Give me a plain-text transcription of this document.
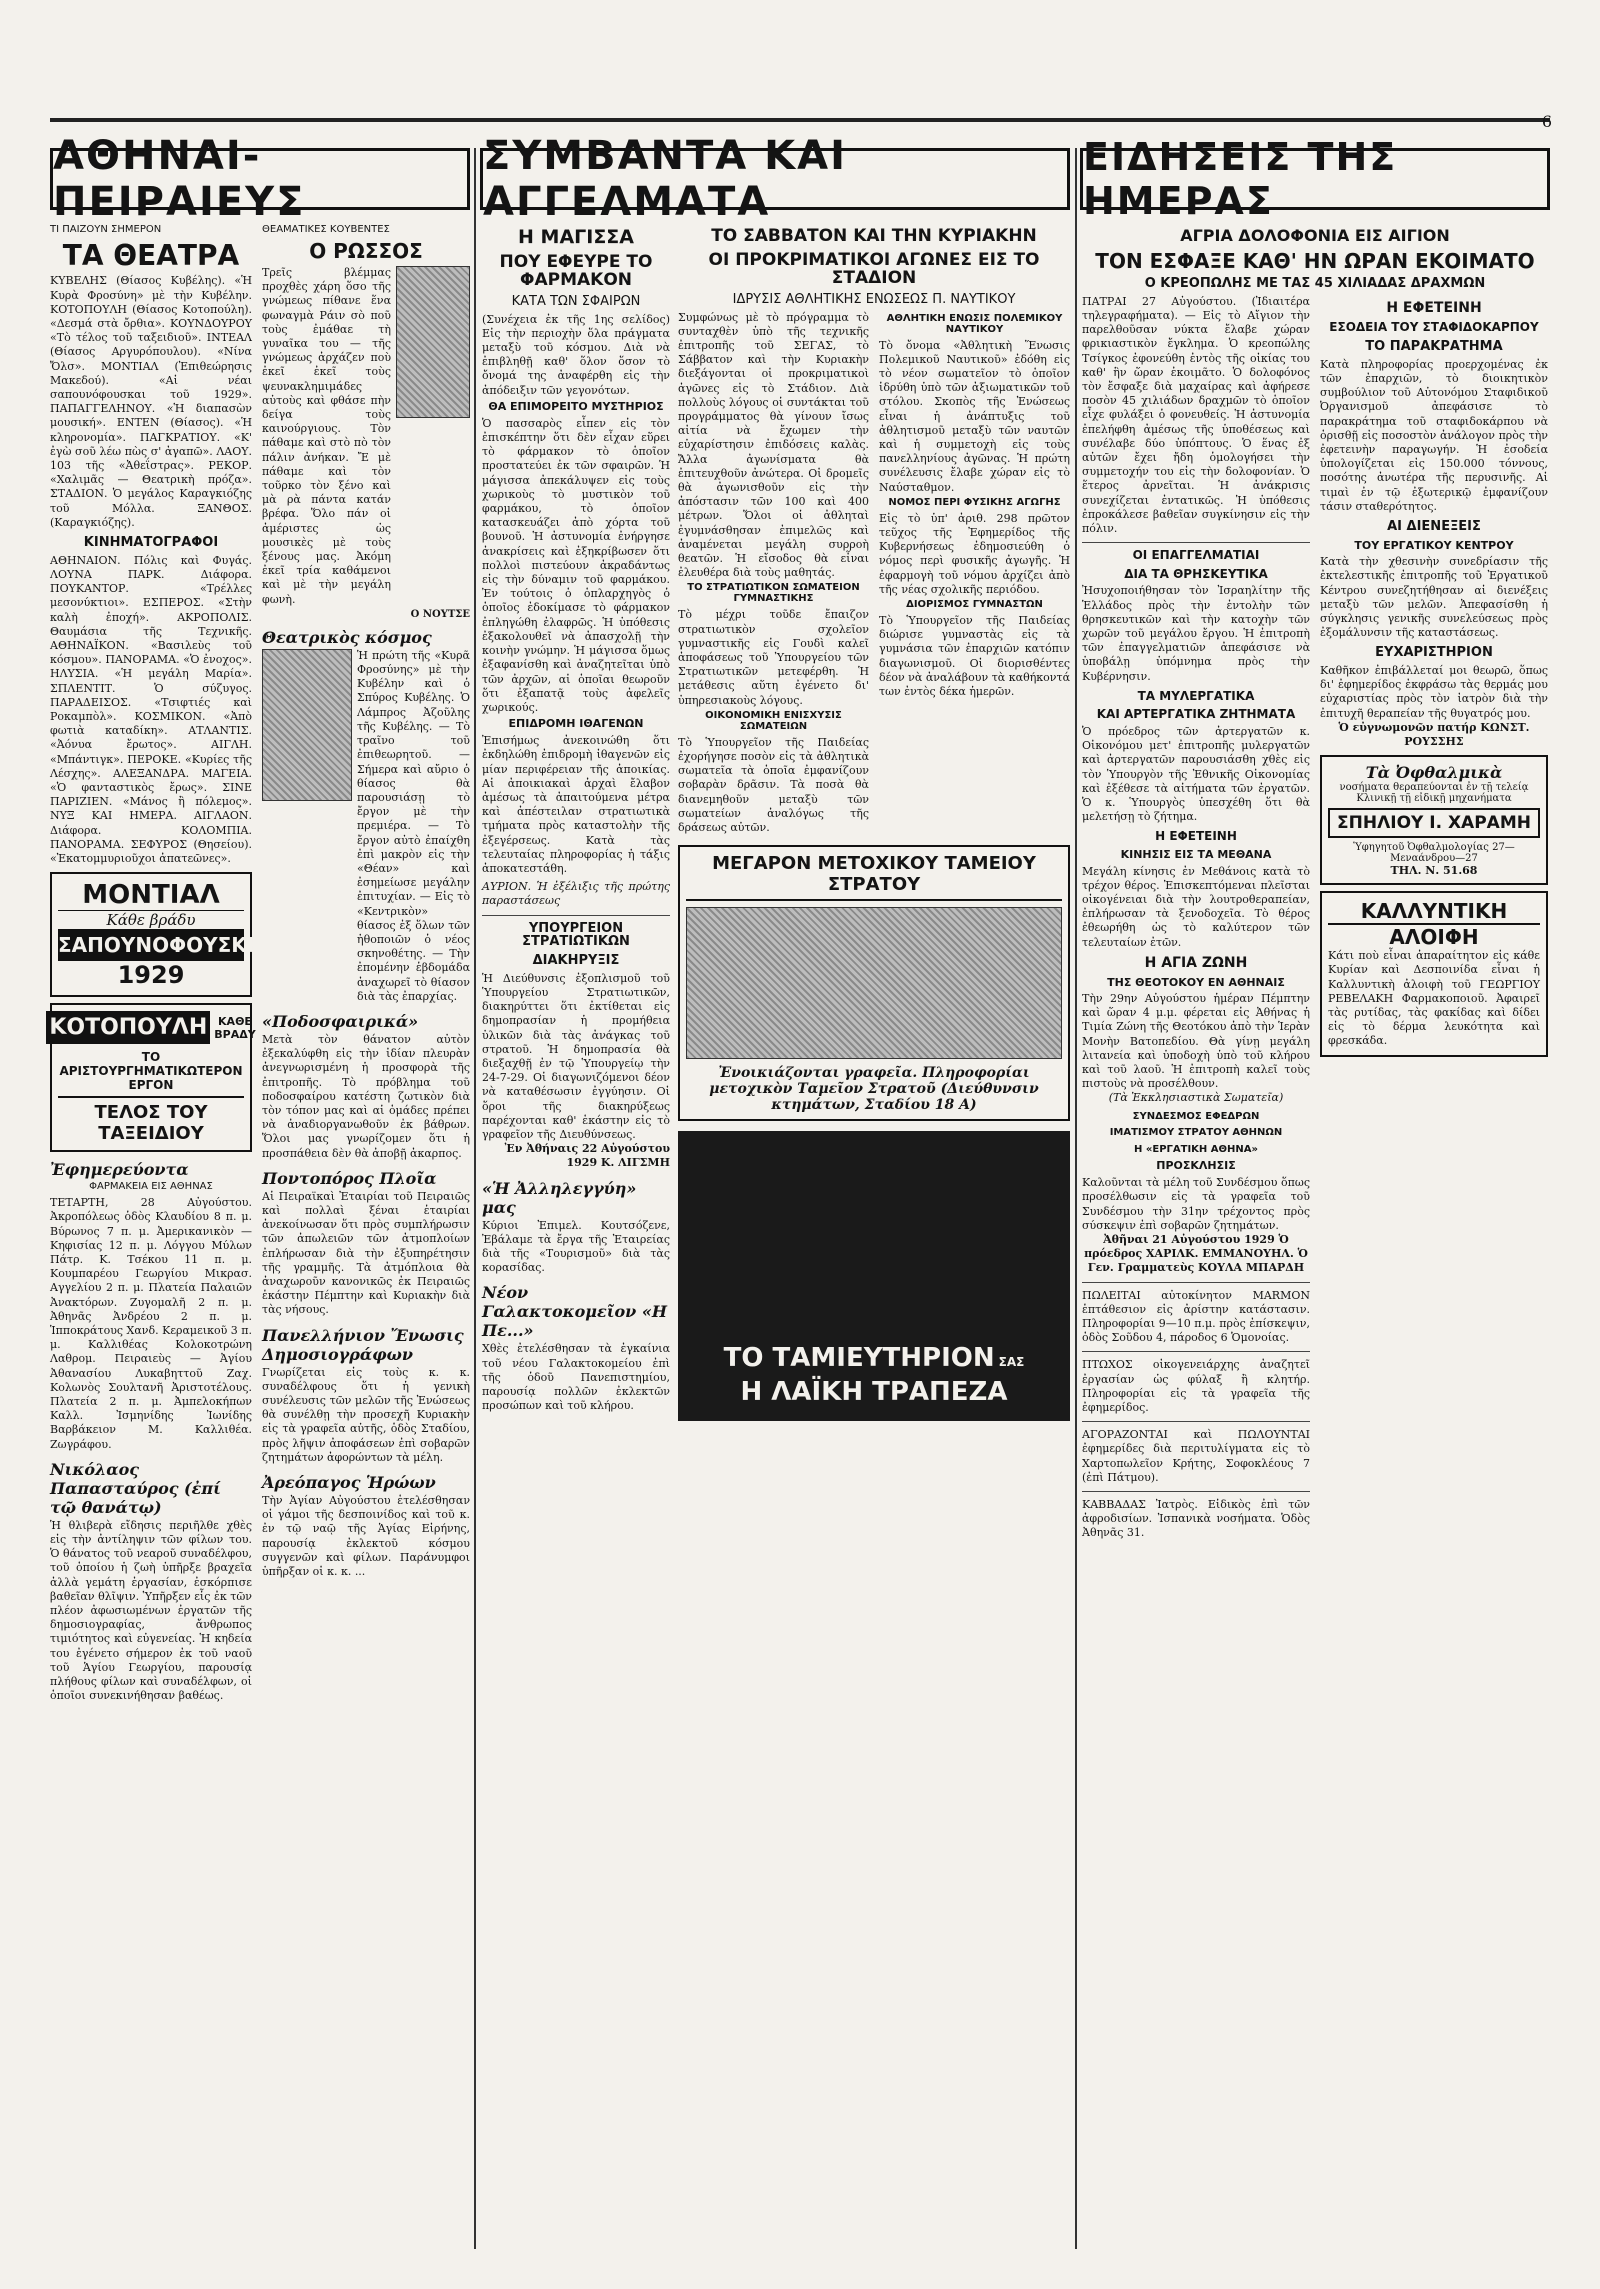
6
ΑΘΗΝΑΙ-ΠΕΙΡΑΙΕΥΣ
ΣΥΜΒΑΝΤΑ ΚΑΙ ΑΓΓΕΛΜΑΤΑ
ΕΙΔΗΣΕΙΣ ΤΗΣ ΗΜΕΡΑΣ
ΤΙ ΠΑΙΖΟΥΝ ΣΗΜΕΡΟΝ
ΤΑ ΘΕΑΤΡΑ

ΚΥΒΕΛΗΣ (Θίασος Κυβέλης). «Ἡ Κυρὰ Φροσύνη» μὲ τὴν Κυβέλην. ΚΟΤΟΠΟΥΛΗ (Θίασος Κοτοπούλη). «Δεσμά στὰ ὄρθια». ΚΟΥΝΔΟΥΡΟΥ «Τὸ τέλος τοῦ ταξειδιοῦ». ΙΝΤΕΑΛ (Θίασος Αργυρόπουλου). «Νίνα Ὄλσ». ΜΟΝΤΙΑΛ (Ἐπιθεώρησις Μακεδού). «Αἱ νέαι σαπουνόφουσκαι τοῦ 1929». ΠΑΠΑΓΓΕΛΗΝΟΥ. «Ἡ διαπασὼν μουσική». ΕΝΤΕΝ (Θίασος). «Ἡ κληρονομία». ΠΑΓΚΡΑΤΙΟΥ. «Κ' ἐγὼ σοῦ λέω πὼς σ' ἀγαπῶ». ΛΑΟΥ. 103 τῆς «Ἀθεΐστρας». ΡΕΚΟΡ. «Χαλιμᾶς — Θεατρικὴ πρόζα». ΣΤΑΔΙΟΝ. Ὁ μεγάλος Καραγκιόζης τοῦ Μόλλα. ΞΑΝΘΟΣ. (Καραγκιόζης).

ΚΙΝΗΜΑΤΟΓΡΑΦΟΙ

ΑΘΗΝΑΙΟΝ. Πόλις καὶ Φυγάς. ΛΟΥΝΑ ΠΑΡΚ. Διάφορα. ΠΟΥΚΑΝΤΟΡ. «Τρέλλες μεσονύκτιοι». ΕΣΠΕΡΟΣ. «Στὴν καλὴ ἐποχή». ΑΚΡΟΠΟΛΙΣ. Θαυμάσια τῆς Τεχνικῆς. ΑΘΗΝΑΪΚΟΝ. «Βασιλεὺς τοῦ κόσμου». ΠΑΝΟΡΑΜΑ. «Ὁ ἐνοχος». ΗΛΥΣΙΑ. «Ἡ μεγάλη Μαρία». ΣΠΛΕΝΤΙΤ. Ὁ σύζυγος. ΠΑΡΑΔΕΙΣΟΣ. «Τσιφτιές καὶ Ροκαμπὸλ». ΚΟΣΜΙΚΟΝ. «Ἀπὸ φωτιὰ καταδίκη». ΑΤΛΑΝΤΙΣ. «Ἀόνυα ἔρωτος». ΑΙΓΛΗ. «Μπάντιγκ». ΠΕΡΟΚΕ. «Κυρίες τῆς Λέσχης». ΑΛΕΞΑΝΔΡΑ. ΜΑΓΕΙΑ. «Ὁ φανταστικὸς ἔρως». ΣΙΝΕ ΠΑΡΙΖΙΕΝ. «Μάνος ἢ πόλεμος». ΝΥΞ ΚΑΙ ΗΜΕΡΑ. ΑΙΓΛΑΟΝ. Διάφορα. ΚΟΛΟΜΠΙΑ. ΠΑΝΟΡΑΜΑ. ΣΕΦΥΡΟΣ (Θησείου). «Ἐκατομμυριοῦχοι ἀπατεῶνες».

ΜΟΝΤΙΑΛ
Κάθε βράδυ
ΣΑΠΟΥΝΟΦΟΥΣΚΕΣ
1929
ΚΟΤΟΠΟΥΛΗ ΚΑΘΕ ΒΡΑΔΥ
ΤΟ ΑΡΙΣΤΟΥΡΓΗΜΑΤΙΚΩΤΕΡΟΝ ΕΡΓΟΝ
ΤΕΛΟΣ ΤΟΥ ΤΑΞΕΙΔΙΟΥ
Ἐφημερεύοντα
ΦΑΡΜΑΚΕΙΑ ΕΙΣ ΑΘΗΝΑΣ

ΤΕΤΑΡΤΗ, 28 Αὐγούστου. Ἀκροπόλεως ὁδὸς Κλαυδίου 8 π. μ. Βύρωνος 7 π. μ. Ἀμερικανικὸν — Κηφισίας 12 π. μ. Λόγγου Μύλων Πάτρ. Κ. Τσέκου 11 π. μ. Κουμπαρέου Γεωργίου Μικρασ. Αγγελίου 2 π. μ. Πλατεία Παλαιῶν Ἀνακτόρων. Ζυγομαλῆ 2 π. μ. Ἀθηνᾶς Ἀνδρέου 2 π. μ. Ἱπποκράτους Χανδ. Κεραμεικοῦ 3 π. μ. Καλλιθέας Κολοκοτρώνη Λαθρομ. Πειραιεὺς — Ἀγίου Ἀθανασίου Λυκαβηττοῦ Ζαχ. Κολωνὸς Σουλτανῆ Ἀριστοτέλους. Πλατεία 2 π. μ. Ἀμπελοκήπων Καλλ. Ἰσμηνίδης Ἰωνίδης Βαρβάκειον Μ. Καλλιθέα. Ζωγράφου.

Νικόλαος Παπασταύρος (ἐπί τῷ θανάτῳ)

Ἡ θλιβερὰ εἴδησις περιῆλθε χθὲς εἰς τὴν ἀντίληψιν τῶν φίλων του. Ὁ θάνατος τοῦ νεαροῦ συναδέλφου, τοῦ ὁποίου ἡ ζωὴ ὑπῆρξε βραχεῖα ἀλλὰ γεμάτη ἐργασίαν, ἐσκόρπισε βαθεῖαν θλῖψιν. Ὑπῆρξεν εἷς ἐκ τῶν πλέον ἀφωσιωμένων ἐργατῶν τῆς δημοσιογραφίας, ἄνθρωπος τιμιότητος καὶ εὐγενείας. Ἡ κηδεία του ἐγένετο σήμερον ἐκ τοῦ ναοῦ τοῦ Ἁγίου Γεωργίου, παρουσίᾳ πλήθους φίλων καὶ συναδέλφων, οἱ ὁποῖοι συνεκινήθησαν βαθέως.

ΘΕΑΜΑΤΙΚΕΣ ΚΟΥΒΕΝΤΕΣ
Ο ΡΩΣΣΟΣ

Τρεῖς βλέμμας προχθὲς χάρη ὅσο τῆς γνώμεως πίθανε ἕνα φωναγμὰ Ράιν σὸ ποῦ τοὺς ἐμάθαε τὴ γυναῖκα του — τῆς γνώμεως ἀρχάζεν ποὺ ἐκεῖ ἐκεῖ τοὺς ψευνακλημιμάδες αὐτοὺς καὶ φθάσε πὴν δείγα τοὺς καινούργιους. Τὸν πάθαμε καὶ στὸ πὸ τὸν πάλιν ἀνήκαν. Ἔ μὲ πάθαμε καὶ τὸν τοῦρκο τὸν ξένο καὶ μὰ ρὰ πάντα κατάν βρέφα. Ὅλο πάν οἱ ἀμέριστες ὡς μουσικὲς μὲ τοὺς ξένους μας. Ἀκόμη ἐκεῖ τρία καθάμενοι καὶ μὲ τὴν μεγάλη φωνὴ.

Ο ΝΟΥΤΣΕ
Θεατρικὸς κόσμος

Ἡ πρώτη τῆς «Κυρᾶ Φροσύνης» μὲ τὴν Κυβέλην καὶ ὁ Σπύρος Κυβέλης. Ὁ Λάμπρος Ἀζοῦλης τῆς Κυβέλης. — Τὸ τραῖνο τοῦ ἐπιθεωρητοῦ. — Σήμερα καὶ αὔριο ὁ θίασος θὰ παρουσιάσῃ τὸ ἔργον μὲ τὴν πρεμιέρα. — Τὸ ἔργον αὐτὸ ἐπαίχθη ἐπὶ μακρὸν εἰς τὴν «Θέαν» καὶ ἐσημείωσε μεγάλην ἐπιτυχίαν. — Εἰς τὸ «Κεντρικὸν» θίασος ἐξ ὅλων τῶν ἡθοποιῶν ὁ νέος σκηνοθέτης. — Τὴν ἐπομένην ἑβδομάδα ἀναχωρεῖ τὸ θίασον διὰ τὰς ἐπαρχίας.

«Ποδοσφαιρικά»

Μετὰ τὸν θάνατον αὐτὸν ἐξεκαλύφθη εἰς τὴν ἰδίαν πλευρὰν ἀνεγνωρισμένη ἡ προσφορὰ τῆς ἐπιτροπῆς. Τὸ πρόβλημα τοῦ ποδοσφαίρου κατέστη ζωτικὸν διὰ τὸν τόπον μας καὶ αἱ ὁμάδες πρέπει νὰ ἀναδιοργανωθοῦν ἐκ βάθρων. Ὅλοι μας γνωρίζομεν ὅτι ἡ προσπάθεια δὲν θὰ ἀποβῇ ἀκαρπος.

Ποντοπόρος Πλοῖα

Αἱ Πειραϊκαὶ Ἐταιρίαι τοῦ Πειραιῶς καὶ πολλαὶ ξέναι ἑταιρίαι ἀνεκοίνωσαν ὅτι πρὸς συμπλήρωσιν τῶν ἀπωλειῶν τῶν ἀτμοπλοίων ἐπλήρωσαν διὰ τὴν ἐξυπηρέτησιν τῆς γραμμῆς. Τὰ ἀτμόπλοια θὰ ἀναχωροῦν κανονικῶς ἐκ Πειραιῶς ἑκάστην Πέμπτην καὶ Κυριακὴν διὰ τὰς νήσους.

Πανελλήνιον Ἔνωσις Δημοσιογράφων

Γνωρίζεται εἰς τοὺς κ. κ. συναδέλφους ὅτι ἡ γενικὴ συνέλευσις τῶν μελῶν τῆς Ἑνώσεως θὰ συνέλθῃ τὴν προσεχῆ Κυριακὴν εἰς τὰ γραφεῖα αὐτῆς, ὁδὸς Σταδίου, πρὸς λῆψιν ἀποφάσεων ἐπὶ σοβαρῶν ζητημάτων ἀφορώντων τὰ μέλη.

Ἀρεόπαγος Ἡρώων

Τὴν Ἀγίαν Αὐγούστου ἑτελέσθησαν οἱ γάμοι τῆς δεσποινίδος καὶ τοῦ κ. ἐν τῷ ναῷ τῆς Ἁγίας Εἰρήνης, παρουσίᾳ ἐκλεκτοῦ κόσμου συγγενῶν καὶ φίλων. Παράνυμφοι ὑπῆρξαν οἱ κ. κ. ...

Η ΜΑΓΙΣΣΑ
ΠΟΥ ΕΦΕΥΡΕ ΤΟ ΦΑΡΜΑΚΟΝ
ΚΑΤΑ ΤΩΝ ΣΦΑΙΡΩΝ

(Συνέχεια ἐκ τῆς 1ης σελίδος) Εἰς τὴν περιοχὴν ὅλα πράγματα μεταξὺ τοῦ κόσμου. Διὰ νὰ ἐπιβληθῇ καθ' ὅλον ὅσον τὸ ὄνομά της ἀναφέρθη εἰς τὴν ἀπόδειξιν τῶν γεγονότων.

ΘΑ ΕΠΙΜΟΡΕΙΤΟ ΜΥΣΤΗΡΙΟΣ

Ὁ πασσαρὸς εἶπεν εἰς τὸν ἐπισκέπτην ὅτι δὲν εἶχαν εὕρει τὸ φάρμακον τὸ ὁποῖον προστατεύει ἐκ τῶν σφαιρῶν. Ἡ μάγισσα ἀπεκάλυψεν εἰς τοὺς χωρικοὺς τὸ μυστικὸν τοῦ φαρμάκου, τὸ ὁποῖον κατασκευάζει ἀπὸ χόρτα τοῦ βουνοῦ. Ἡ ἀστυνομία ἐνήργησε ἀνακρίσεις καὶ ἐξηκρίβωσεν ὅτι πολλοὶ πιστεύουν ἀκραδάντως εἰς τὴν δύναμιν τοῦ φαρμάκου. Ἐν τούτοις ὁ ὁπλαρχηγὸς ὁ ὁποῖος ἐδοκίμασε τὸ φάρμακον ἐπληγώθη ἐλαφρῶς. Ἡ ὑπόθεσις ἐξακολουθεῖ νὰ ἀπασχολῇ τὴν κοινὴν γνώμην. Ἡ μάγισσα ὅμως ἐξαφανίσθη καὶ ἀναζητεῖται ὑπὸ τῶν ἀρχῶν, αἱ ὁποῖαι θεωροῦν ὅτι ἐξαπατᾷ τοὺς ἀφελεῖς χωρικούς.

ΕΠΙΔΡΟΜΗ ΙΘΑΓΕΝΩΝ

Ἐπισήμως ἀνεκοινώθη ὅτι ἐκδηλώθη ἐπιδρομὴ ἰθαγενῶν εἰς μίαν περιφέρειαν τῆς ἀποικίας. Αἱ ἀποικιακαὶ ἀρχαὶ ἔλαβον ἀμέσως τὰ ἀπαιτούμενα μέτρα καὶ ἀπέστειλαν στρατιωτικὰ τμήματα πρὸς καταστολὴν τῆς ἐξεγέρσεως. Κατὰ τὰς τελευταίας πληροφορίας ἡ τάξις ἀποκατεστάθη.

ΑΥΡΙΟΝ. Ἡ ἐξέλιξις τῆς πρώτης παραστάσεως

ΥΠΟΥΡΓΕΙΟΝ ΣΤΡΑΤΙΩΤΙΚΩΝ
ΔΙΑΚΗΡΥΞΙΣ

Ἡ Διεύθυνσις ἐξοπλισμοῦ τοῦ Ὑπουργείου Στρατιωτικῶν, διακηρύττει ὅτι ἐκτίθεται εἰς δημοπρασίαν ἡ προμήθεια ὑλικῶν διὰ τὰς ἀνάγκας τοῦ στρατοῦ. Ἡ δημοπρασία θὰ διεξαχθῇ ἐν τῷ Ὑπουργείῳ τὴν 24-7-29. Οἱ διαγωνιζόμενοι δέον νὰ καταθέσωσιν ἐγγύησιν. Οἱ ὅροι τῆς διακηρύξεως παρέχονται καθ' ἑκάστην εἰς τὸ γραφεῖον τῆς Διευθύνσεως.

Ἐν Ἀθήναις 22 Αὐγούστου 1929 Κ. ΛΙΓΣΜΗ

«Ἡ Ἀλληλεγγύη» μας

Κύριοι Ἐπιμελ. Κουτσόζενε, Ἐβάλαμε τὰ ἔργα τῆς Ἐταιρείας διὰ τῆς «Τουρισμοῦ» διὰ τὰς κορασίδας.

Νέον Γαλακτοκομεῖον «Η Πε...»

Χθὲς ἐτελέσθησαν τὰ ἐγκαίνια τοῦ νέου Γαλακτοκομείου ἐπὶ τῆς ὁδοῦ Πανεπιστημίου, παρουσίᾳ πολλῶν ἐκλεκτῶν προσώπων καὶ τοῦ κλήρου.

ΤΟ ΣΑΒΒΑΤΟΝ ΚΑΙ ΤΗΝ ΚΥΡΙΑΚΗΝ
ΟΙ ΠΡΟΚΡΙΜΑΤΙΚΟΙ ΑΓΩΝΕΣ ΕΙΣ ΤΟ ΣΤΑΔΙΟΝ
ΙΔΡΥΣΙΣ ΑΘΛΗΤΙΚΗΣ ΕΝΩΣΕΩΣ Π. ΝΑΥΤΙΚΟΥ

Συμφώνως μὲ τὸ πρόγραμμα τὸ συνταχθὲν ὑπὸ τῆς τεχνικῆς ἐπιτροπῆς τοῦ ΣΕΓΑΣ, τὸ Σάββατον καὶ τὴν Κυριακὴν διεξάγονται οἱ προκριματικοὶ ἀγῶνες εἰς τὸ Στάδιον. Διὰ πολλοὺς λόγους οἱ συντάκται τοῦ προγράμματος θὰ γίνουν ἴσως αἰτία νὰ ἔχωμεν τὴν εὐχαρίστησιν ἐπιδόσεις καλὰς. Ἄλλα ἀγωνίσματα θὰ ἐπιτευχθοῦν ἀνώτερα. Οἱ δρομεῖς θὰ ἀγωνισθοῦν εἰς τὴν ἀπόστασιν τῶν 100 καὶ 400 μέτρων. Ὅλοι οἱ ἀθληταὶ ἐγυμνάσθησαν ἐπιμελῶς καὶ ἀναμένεται μεγάλη συρροὴ θεατῶν. Ἡ εἴσοδος θὰ εἶναι ἐλευθέρα διὰ τοὺς μαθητάς.

ΤΟ ΣΤΡΑΤΙΩΤΙΚΟΝ ΣΩΜΑΤΕΙΟΝ ΓΥΜΝΑΣΤΙΚΗΣ

Τὸ μέχρι τοῦδε ἔπαιζον στρατιωτικὸν σχολεῖον γυμναστικῆς εἰς Γουδὶ καλεῖ ἀποφάσεως τοῦ Ὑπουργείου τῶν Στρατιωτικῶν μετεφέρθη. Ἡ μετάθεσις αὕτη ἐγένετο δι' ὑπηρεσιακοὺς λόγους.

ΟΙΚΟΝΟΜΙΚΗ ΕΝΙΣΧΥΣΙΣ ΣΩΜΑΤΕΙΩΝ

Τὸ Ὑπουργεῖον τῆς Παιδείας ἐχορήγησε ποσὸν εἰς τὰ ἀθλητικὰ σωματεῖα τὰ ὁποῖα ἐμφανίζουν σοβαρὰν δρᾶσιν. Τὰ ποσὰ θὰ διανεμηθοῦν μεταξὺ τῶν σωματείων ἀναλόγως τῆς δράσεως αὐτῶν.

ΑΘΛΗΤΙΚΗ ΕΝΩΣΙΣ ΠΟΛΕΜΙΚΟΥ ΝΑΥΤΙΚΟΥ

Τὸ ὄνομα «Ἀθλητικὴ Ἕνωσις Πολεμικοῦ Ναυτικοῦ» ἐδόθη εἰς τὸ νέον σωματεῖον τὸ ὁποῖον ἱδρύθη ὑπὸ τῶν ἀξιωματικῶν τοῦ στόλου. Σκοπὸς τῆς Ἑνώσεως εἶναι ἡ ἀνάπτυξις τοῦ ἀθλητισμοῦ μεταξὺ τῶν ναυτῶν καὶ ἡ συμμετοχὴ εἰς τοὺς πανελληνίους ἀγῶνας. Ἡ πρώτη συνέλευσις ἔλαβε χώραν εἰς τὸ Ναύσταθμον.

ΝΟΜΟΣ ΠΕΡΙ ΦΥΣΙΚΗΣ ΑΓΩΓΗΣ

Εἰς τὸ ὑπ' ἀριθ. 298 πρῶτον τεῦχος τῆς Ἐφημερίδος τῆς Κυβερνήσεως ἐδημοσιεύθη ὁ νόμος περὶ φυσικῆς ἀγωγῆς. Ἡ ἐφαρμογὴ τοῦ νόμου ἀρχίζει ἀπὸ τῆς νέας σχολικῆς περιόδου.

ΔΙΟΡΙΣΜΟΣ ΓΥΜΝΑΣΤΩΝ

Τὸ Ὑπουργεῖον τῆς Παιδείας διώρισε γυμναστὰς εἰς τὰ γυμνάσια τῶν ἐπαρχιῶν κατόπιν διαγωνισμοῦ. Οἱ διορισθέντες δέον νὰ ἀναλάβουν τὰ καθήκοντά των ἐντὸς δέκα ἡμερῶν.

ΜΕΓΑΡΟΝ ΜΕΤΟΧΙΚΟΥ ΤΑΜΕΙΟΥ ΣΤΡΑΤΟΥ
Ἐνοικιάζονται γραφεῖα. Πληροφορίαι μετοχικὸν Ταμεῖον Στρατοῦ (Διεύθυνσιν κτημάτων, Σταδίου 18 Α)
ΤΟ ΤΑΜΙΕΥΤΗΡΙΟΝ ΣΑΣ
Η ΛΑΪΚΗ ΤΡΑΠΕΖΑ
ΑΓΡΙΑ ΔΟΛΟΦΟΝΙΑ ΕΙΣ ΑΙΓΙΟΝ
ΤΟΝ ΕΣΦΑΞΕ ΚΑΘ' ΗΝ ΩΡΑΝ ΕΚΟΙΜΑΤΟ
Ο ΚΡΕΟΠΩΛΗΣ ΜΕ ΤΑΣ 45 ΧΙΛΙΑΔΑΣ ΔΡΑΧΜΩΝ

ΠΑΤΡΑΙ 27 Αὐγούστου. (Ἰδιαιτέρα τηλεγραφήματα). — Εἰς τὸ Αἴγιον τὴν παρελθοῦσαν νύκτα ἔλαβε χώραν φρικιαστικὸν ἔγκλημα. Ὁ κρεοπώλης Τσίγκος ἐφονεύθη ἐντὸς τῆς οἰκίας του καθ' ἣν ὥραν ἐκοιμᾶτο. Ὁ δολοφόνος τὸν ἔσφαξε διὰ μαχαίρας καὶ ἀφήρεσε ποσὸν 45 χιλιάδων δραχμῶν τὸ ὁποῖον εἶχε φυλάξει ὁ φονευθείς. Ἡ ἀστυνομία ἐπελήφθη ἀμέσως τῆς ὑποθέσεως καὶ συνέλαβε δύο ὑπόπτους. Ὁ ἕνας ἐξ αὐτῶν ἔχει ἤδη ὁμολογήσει τὴν συμμετοχήν του εἰς τὴν δολοφονίαν. Ὁ ἕτερος ἀρνεῖται. Ἡ ἀνάκρισις συνεχίζεται ἐντατικῶς. Ἡ ὑπόθεσις ἐπροκάλεσε βαθεῖαν συγκίνησιν εἰς τὴν πόλιν.

ΟΙ ΕΠΑΓΓΕΛΜΑΤΙΑΙ
ΔΙΑ ΤΑ ΘΡΗΣΚΕΥΤΙΚΑ

Ἠσυχοποιήθησαν τὸν Ἰσραηλίτην τῆς Ἑλλάδος πρὸς τὴν ἐντολὴν τῶν θρησκευτικῶν καὶ τὴν κατοχὴν τῶν χωρῶν τοῦ μεγάλου ἔργου. Ἡ ἐπιτροπὴ τῶν ἐπαγγελματιῶν ἀπεφάσισε νὰ ὑποβάλῃ ὑπόμνημα πρὸς τὴν Κυβέρνησιν.

ΤΑ ΜΥΛΕΡΓΑΤΙΚΑ
ΚΑΙ ΑΡΤΕΡΓΑΤΙΚΑ ΖΗΤΗΜΑΤΑ

Ὁ πρόεδρος τῶν ἀρτεργατῶν κ. Οἰκονόμου μετ' ἐπιτροπῆς μυλεργατῶν καὶ ἀρτεργατῶν παρουσιάσθη χθὲς εἰς τὸν Ὑπουργὸν τῆς Ἐθνικῆς Οἰκονομίας καὶ ἐξέθεσε τὰ αἰτήματα τῶν ἐργατῶν. Ὁ κ. Ὑπουργὸς ὑπεσχέθη ὅτι θὰ μελετήσῃ τὸ ζήτημα.

Η ΕΦΕΤΕΙΝΗ
ΚΙΝΗΣΙΣ ΕΙΣ ΤΑ ΜΕΘΑΝΑ

Μεγάλη κίνησις ἐν Μεθάνοις κατὰ τὸ τρέχον θέρος. Ἐπισκεπτόμεναι πλεῖσται οἰκογένειαι διὰ τὴν λουτροθεραπείαν, ἐπλήρωσαν τὰ ξενοδοχεῖα. Τὸ θέρος ἐθεωρήθη ὡς τὸ καλύτερον τῶν τελευταίων ἐτῶν.

Η ΑΓΙΑ ΖΩΝΗ
ΤΗΣ ΘΕΟΤΟΚΟΥ ΕΝ ΑΘΗΝΑΙΣ

Τὴν 29ην Αὐγούστου ἡμέραν Πέμπτην καὶ ὥραν 4 μ.μ. φέρεται εἰς Ἀθήνας ἡ Τιμία Ζώνη τῆς Θεοτόκου ἀπὸ τὴν Ἱερὰν Μονὴν Βατοπεδίου. Θὰ γίνῃ μεγάλη λιτανεία καὶ ὑποδοχὴ ὑπὸ τοῦ κλήρου καὶ τοῦ λαοῦ. Ἡ ἐπιτροπὴ καλεῖ τοὺς πιστοὺς νὰ προσέλθουν.

(Τὰ Ἐκκλησιαστικὰ Σωματεῖα)

ΣΥΝΔΕΣΜΟΣ ΕΦΕΔΡΩΝ
ΙΜΑΤΙΣΜΟΥ ΣΤΡΑΤΟΥ ΑΘΗΝΩΝ
Η «ΕΡΓΑΤΙΚΗ ΑΘΗΝΑ»
ΠΡΟΣΚΛΗΣΙΣ

Καλοῦνται τὰ μέλη τοῦ Συνδέσμου ὅπως προσέλθωσιν εἰς τὰ γραφεῖα τοῦ Συνδέσμου τὴν 31ην τρέχοντος πρὸς σύσκεψιν ἐπὶ σοβαρῶν ζητημάτων.

Ἀθῆναι 21 Αὐγούστου 1929 Ὁ πρόεδρος ΧΑΡΙΛΚ. ΕΜΜΑΝΟΥΗΛ. Ὁ Γεν. Γραμματεὺς ΚΟΥΛΑ ΜΠΑΡΔΗ

ΠΩΛΕΙΤΑΙ αὐτοκίνητον MARMON ἑπτάθεσιον εἰς ἀρίστην κατάστασιν. Πληροφορίαι 9—10 π.μ. πρὸς ἐπίσκεψιν, ὁδὸς Σοῦδου 4, πάροδος 6 Ὁμονοίας.

ΠΤΩΧΟΣ οἰκογενειάρχης ἀναζητεῖ ἐργασίαν ὡς φύλαξ ἢ κλητήρ. Πληροφορίαι εἰς τὰ γραφεῖα τῆς ἐφημερίδος.

ΑΓΟΡΑΖΟΝΤΑΙ καὶ ΠΩΛΟΥΝΤΑΙ ἐφημερίδες διὰ περιτυλίγματα εἰς τὸ Χαρτοπωλεῖον Κρήτης, Σοφοκλέους 7 (ἐπὶ Πάτμου).

ΚΑΒΒΑΔΑΣ Ἰατρὸς. Εἰδικὸς ἐπὶ τῶν ἀφροδισίων. Ἰσπανικὰ νοσήματα. Ὁδὸς Ἀθηνᾶς 31.

Η ΕΦΕΤΕΙΝΗ
ΕΣΟΔΕΙΑ ΤΟΥ ΣΤΑΦΙΔΟΚΑΡΠΟΥ
ΤΟ ΠΑΡΑΚΡΑΤΗΜΑ

Κατὰ πληροφορίας προερχομένας ἐκ τῶν ἐπαρχιῶν, τὸ διοικητικὸν συμβούλιον τοῦ Αὐτονόμου Σταφιδικοῦ Ὀργανισμοῦ ἀπεφάσισε τὸ παρακράτημα τοῦ σταφιδοκάρπου νὰ ὁρισθῇ εἰς ποσοστὸν ἀνάλογον πρὸς τὴν ἐφετεινὴν παραγωγήν. Ἡ ἐσοδεία ὑπολογίζεται εἰς 150.000 τόννους, ποσότης ἀνωτέρα τῆς περυσινῆς. Αἱ τιμαὶ ἐν τῷ ἐξωτερικῷ ἐμφανίζουν τάσιν σταθερότητος.

ΑΙ ΔΙΕΝΕΞΕΙΣ
ΤΟΥ ΕΡΓΑΤΙΚΟΥ ΚΕΝΤΡΟΥ

Κατὰ τὴν χθεσινὴν συνεδρίασιν τῆς ἐκτελεστικῆς ἐπιτροπῆς τοῦ Ἐργατικοῦ Κέντρου συνεζητήθησαν αἱ διενέξεις μεταξὺ τῶν μελῶν. Ἀπεφασίσθη ἡ σύγκλησις γενικῆς συνελεύσεως πρὸς ἐξομάλυνσιν τῆς καταστάσεως.

ΕΥΧΑΡΙΣΤΗΡΙΟΝ

Καθῆκον ἐπιβάλλεταί μοι θεωρῶ, ὅπως δι' ἐφημερίδος ἐκφράσω τὰς θερμάς μου εὐχαριστίας πρὸς τὸν ἰατρὸν διὰ τὴν ἐπιτυχῆ θεραπείαν τῆς θυγατρός μου.

Ὁ εὐγνωμονῶν πατήρ ΚΩΝΣΤ. ΡΟΥΣΣΗΣ

Τὰ Ὀφθαλμικὰ
νοσήματα θεραπεύονται ἐν τῇ τελείᾳ Κλινικῇ τῇ εἰδικῇ μηχανήματα
ΣΠΗΛΙΟΥ Ι. ΧΑΡΑΜΗ
Ὑφηγητοῦ Ὀφθαλμολογίας 27—Μεναάνδρου—27
ΤΗΛ. Ν. 51.68
ΚΑΛΛΥΝΤΙΚΗ
ΑΛΟΙΦΗ

Κάτι ποὺ εἶναι ἀπαραίτητον εἰς κάθε Κυρίαν καὶ Δεσποινίδα εἶναι ἡ Καλλυντικὴ ἀλοιφὴ τοῦ ΓΕΩΡΓΙΟΥ ΡΕΒΕΛΑΚΗ Φαρμακοποιοῦ. Ἀφαιρεῖ τὰς ρυτίδας, τὰς φακίδας καὶ δίδει εἰς τὸ δέρμα λευκότητα καὶ φρεσκάδα.
